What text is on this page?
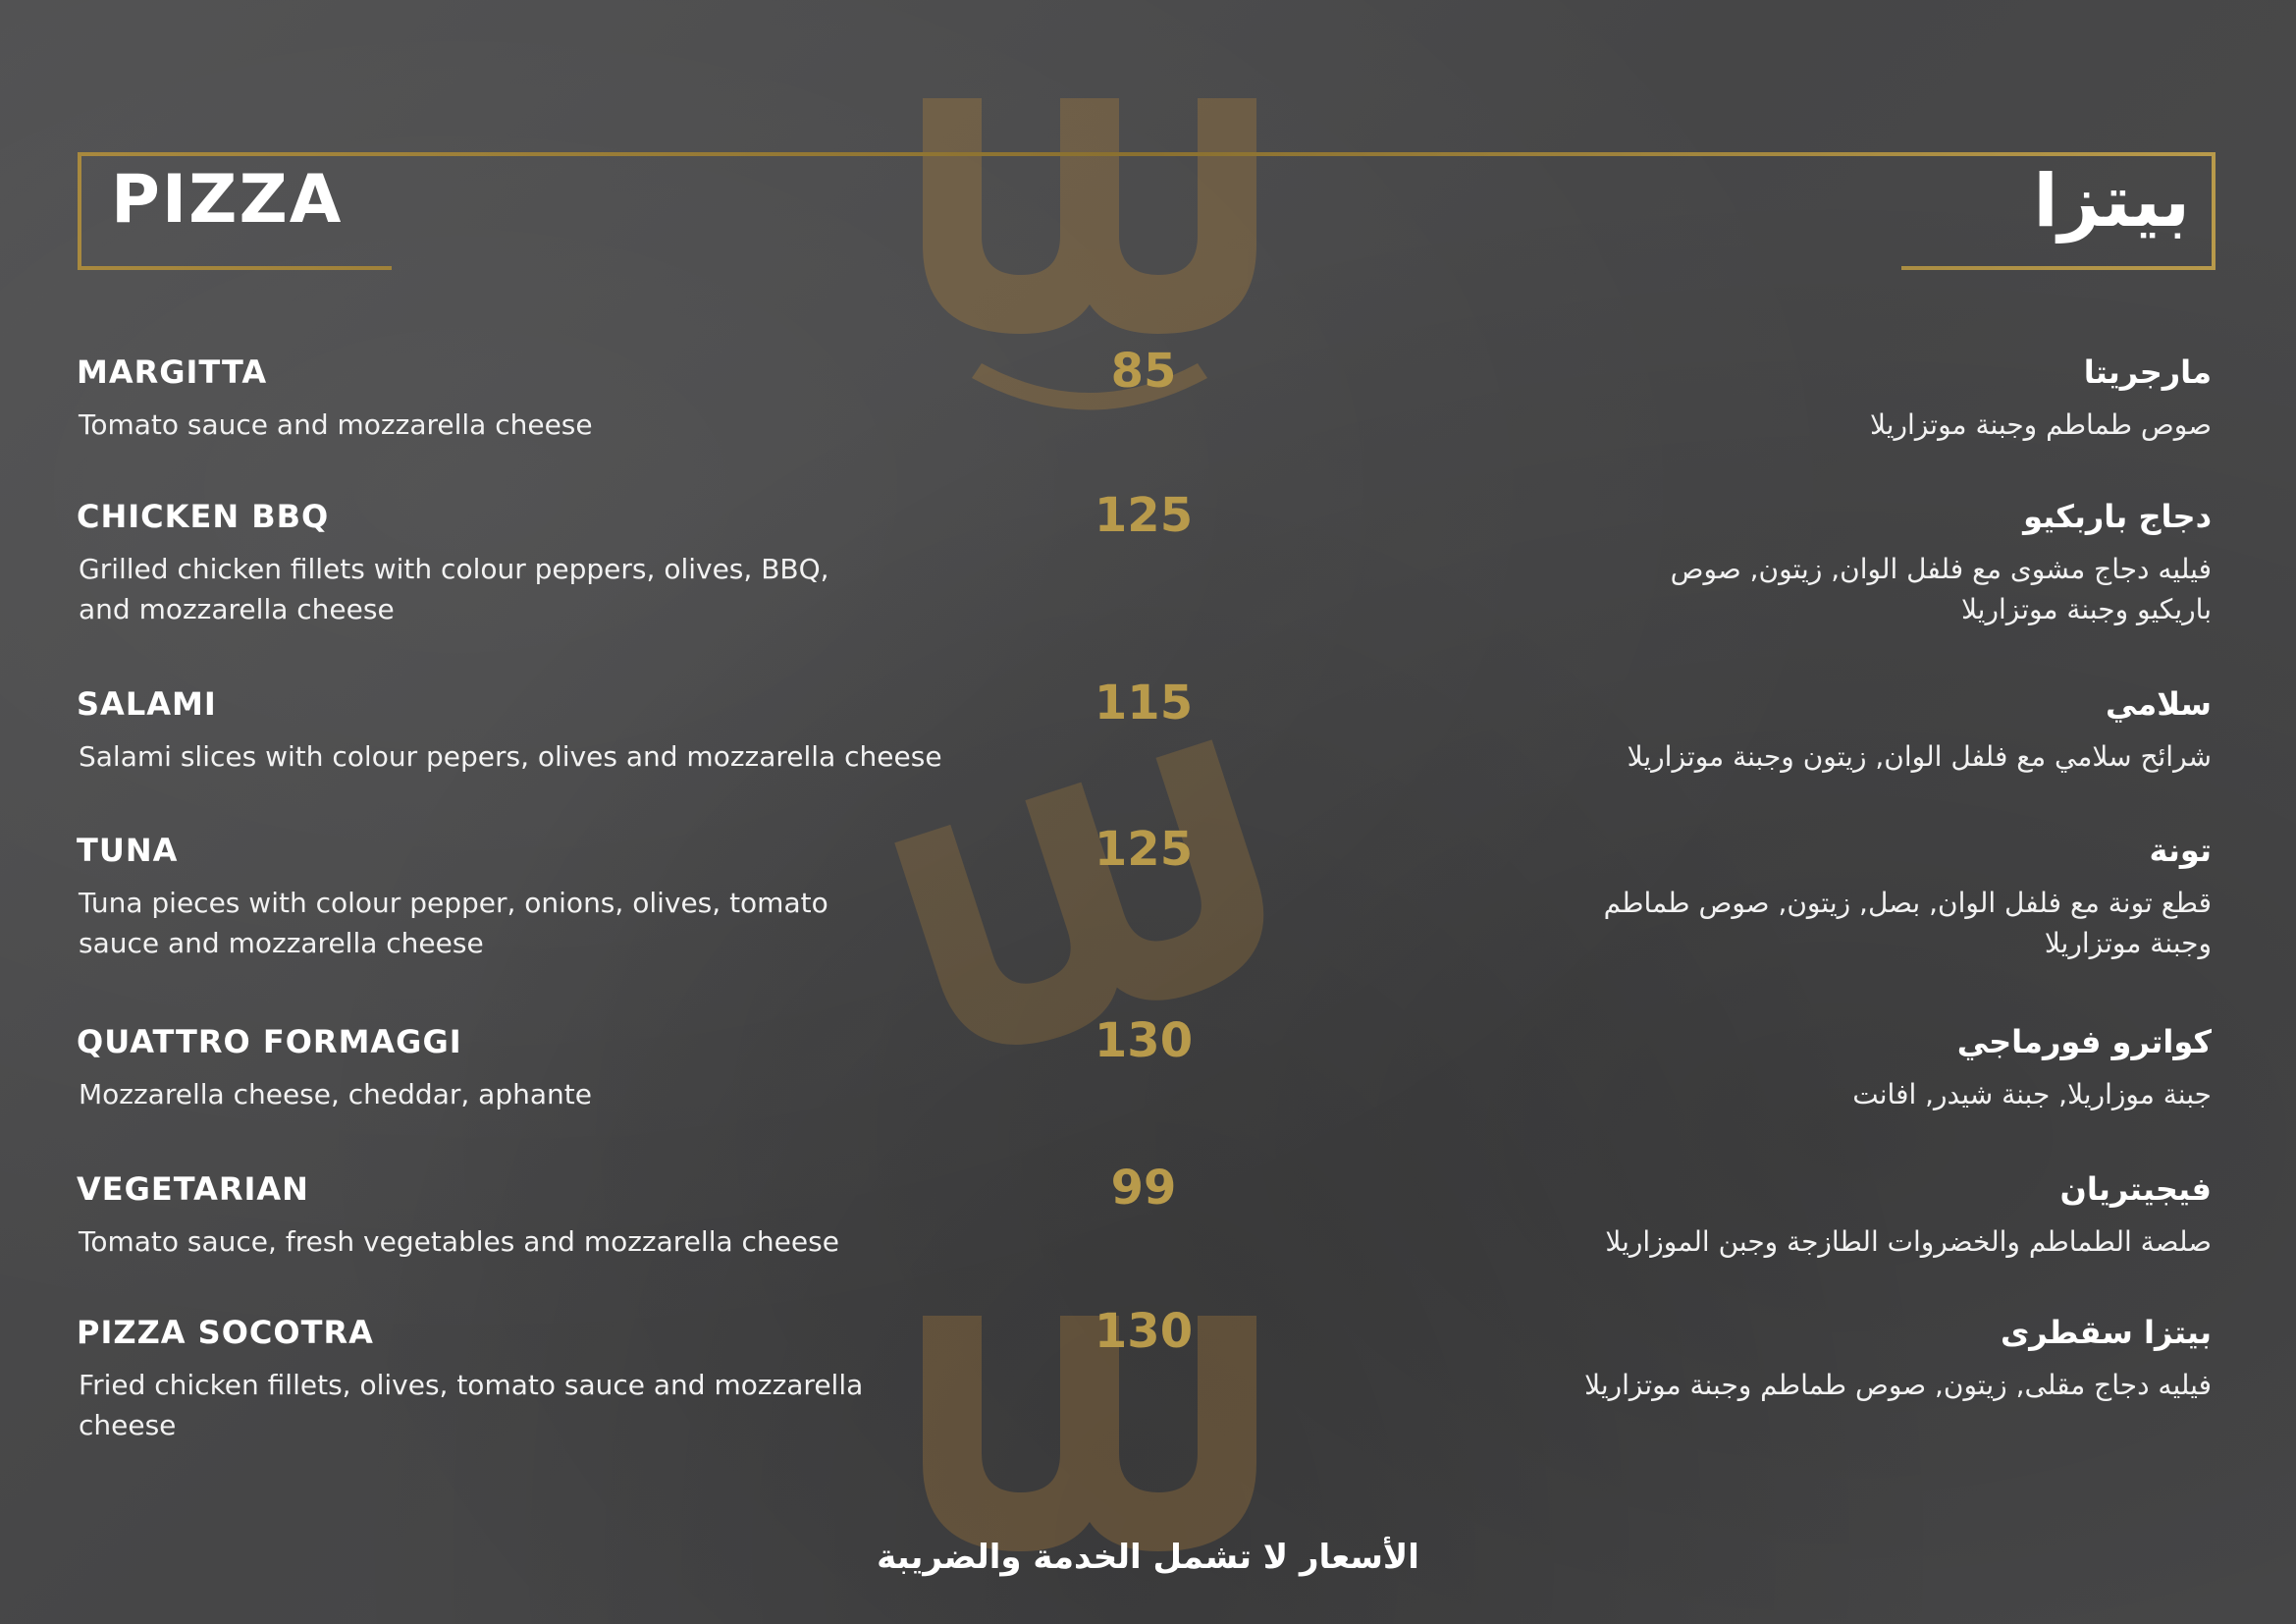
PIZZA	بيتزا
MARGITTA
Tomato sauce and mozzarella cheese
85	مارجريتا
صوص طماطم وجبنة موتزاريلا
CHICKEN BBQ
Grilled chicken fillets with colour peppers, olives, BBQ,
and mozzarella cheese
125	دجاج باربكيو
فيليه دجاج مشوى مع فلفل الوان, زيتون, صوص
باريكيو وجبنة موتزاريلا
SALAMI
Salami slices with colour pepers, olives and mozzarella cheese
115	سلامي
شرائح سلامي مع فلفل الوان, زيتون وجبنة موتزاريلا
TUNA
Tuna pieces with colour pepper, onions, olives, tomato
sauce and mozzarella cheese
125	تونة
قطع تونة مع فلفل الوان, بصل, زيتون, صوص طماطم
وجبنة موتزاريلا
QUATTRO FORMAGGI
Mozzarella cheese, cheddar, aphante
130	كواترو فورماجي
جبنة موزاريلا, جبنة شيدر, افانت
VEGETARIAN
Tomato sauce, fresh vegetables and mozzarella cheese
99	فيجيتريان
صلصة الطماطم والخضروات الطازجة وجبن الموزاريلا
PIZZA SOCOTRA
Fried chicken fillets, olives, tomato sauce and mozzarella cheese
130	بيتزا سقطرى
فيليه دجاج مقلى, زيتون, صوص طماطم وجبنة موتزاريلا
الأسعار لا تشمل الخدمة والضريبة
